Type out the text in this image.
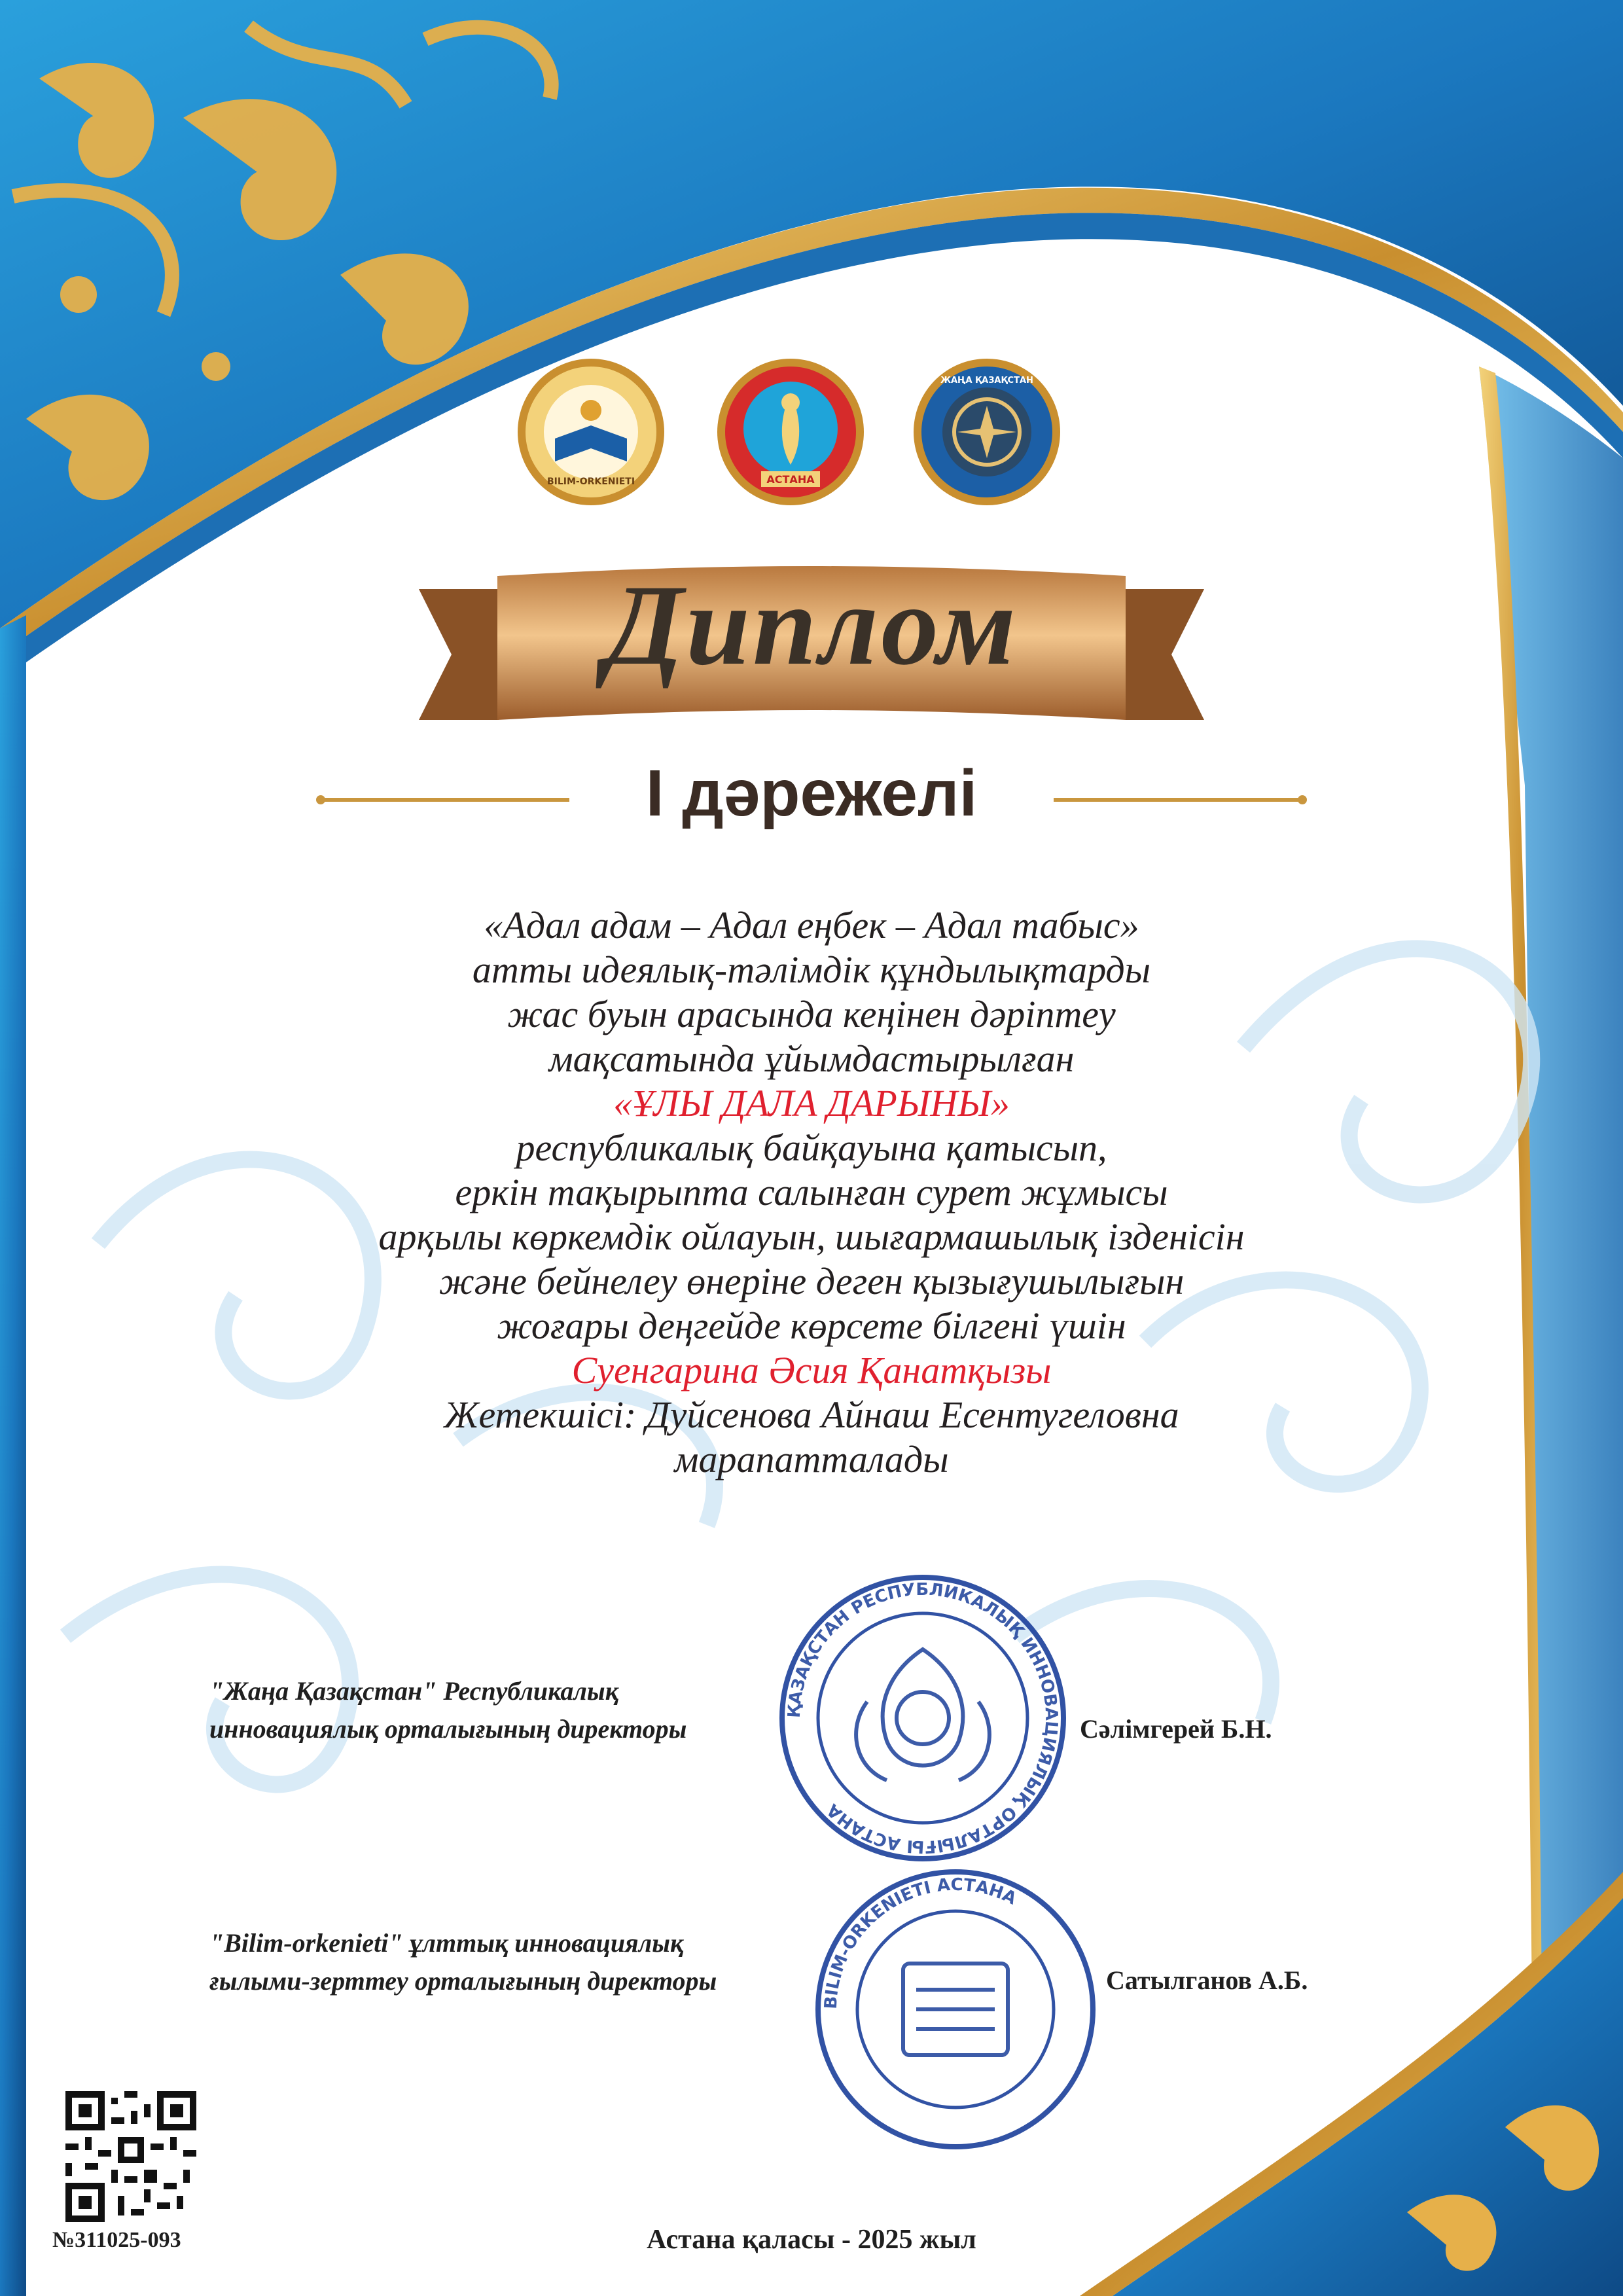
BILIM-ORKENIETI	АСТАНА
ЖАҢА ҚАЗАҚСТАН
Диплом
І дәрежелі
«Адал адам – Адал еңбек – Адал табыс»
атты идеялық-тәлімдік құндылықтарды
жас буын арасында кеңінен дәріптеу
мақсатында ұйымдастырылған
«ҰЛЫ ДАЛА ДАРЫНЫ»
республикалық байқауына қатысып,
еркін тақырыпта салынған сурет жұмысы
арқылы көркемдік ойлауын, шығармашылық ізденісін
және бейнелеу өнеріне деген қызығушылығын
жоғары деңгейде көрсете білгені үшін
Суенгарина Әсия Қанатқызы
Жетекшісі: Дуйсенова Айнаш Есентугеловна
марапатталады
ҚАЗАҚСТАН РЕСПУБЛИКАЛЫҚ ИННОВАЦИЯЛЫҚ ОРТАЛЫҒЫ АСТАНА
BILIM-ORKENIETI АСТАНА
"Жаңа Қазақстан" Республикалық
инновациялық орталығының директоры	Сәлімгерей Б.Н.
"Bilim-orkenieti" ұлттық инновациялық
ғылыми-зерттеу орталығының директоры	Сатылганов А.Б.
№311025-093	Астана қаласы - 2025 жыл
